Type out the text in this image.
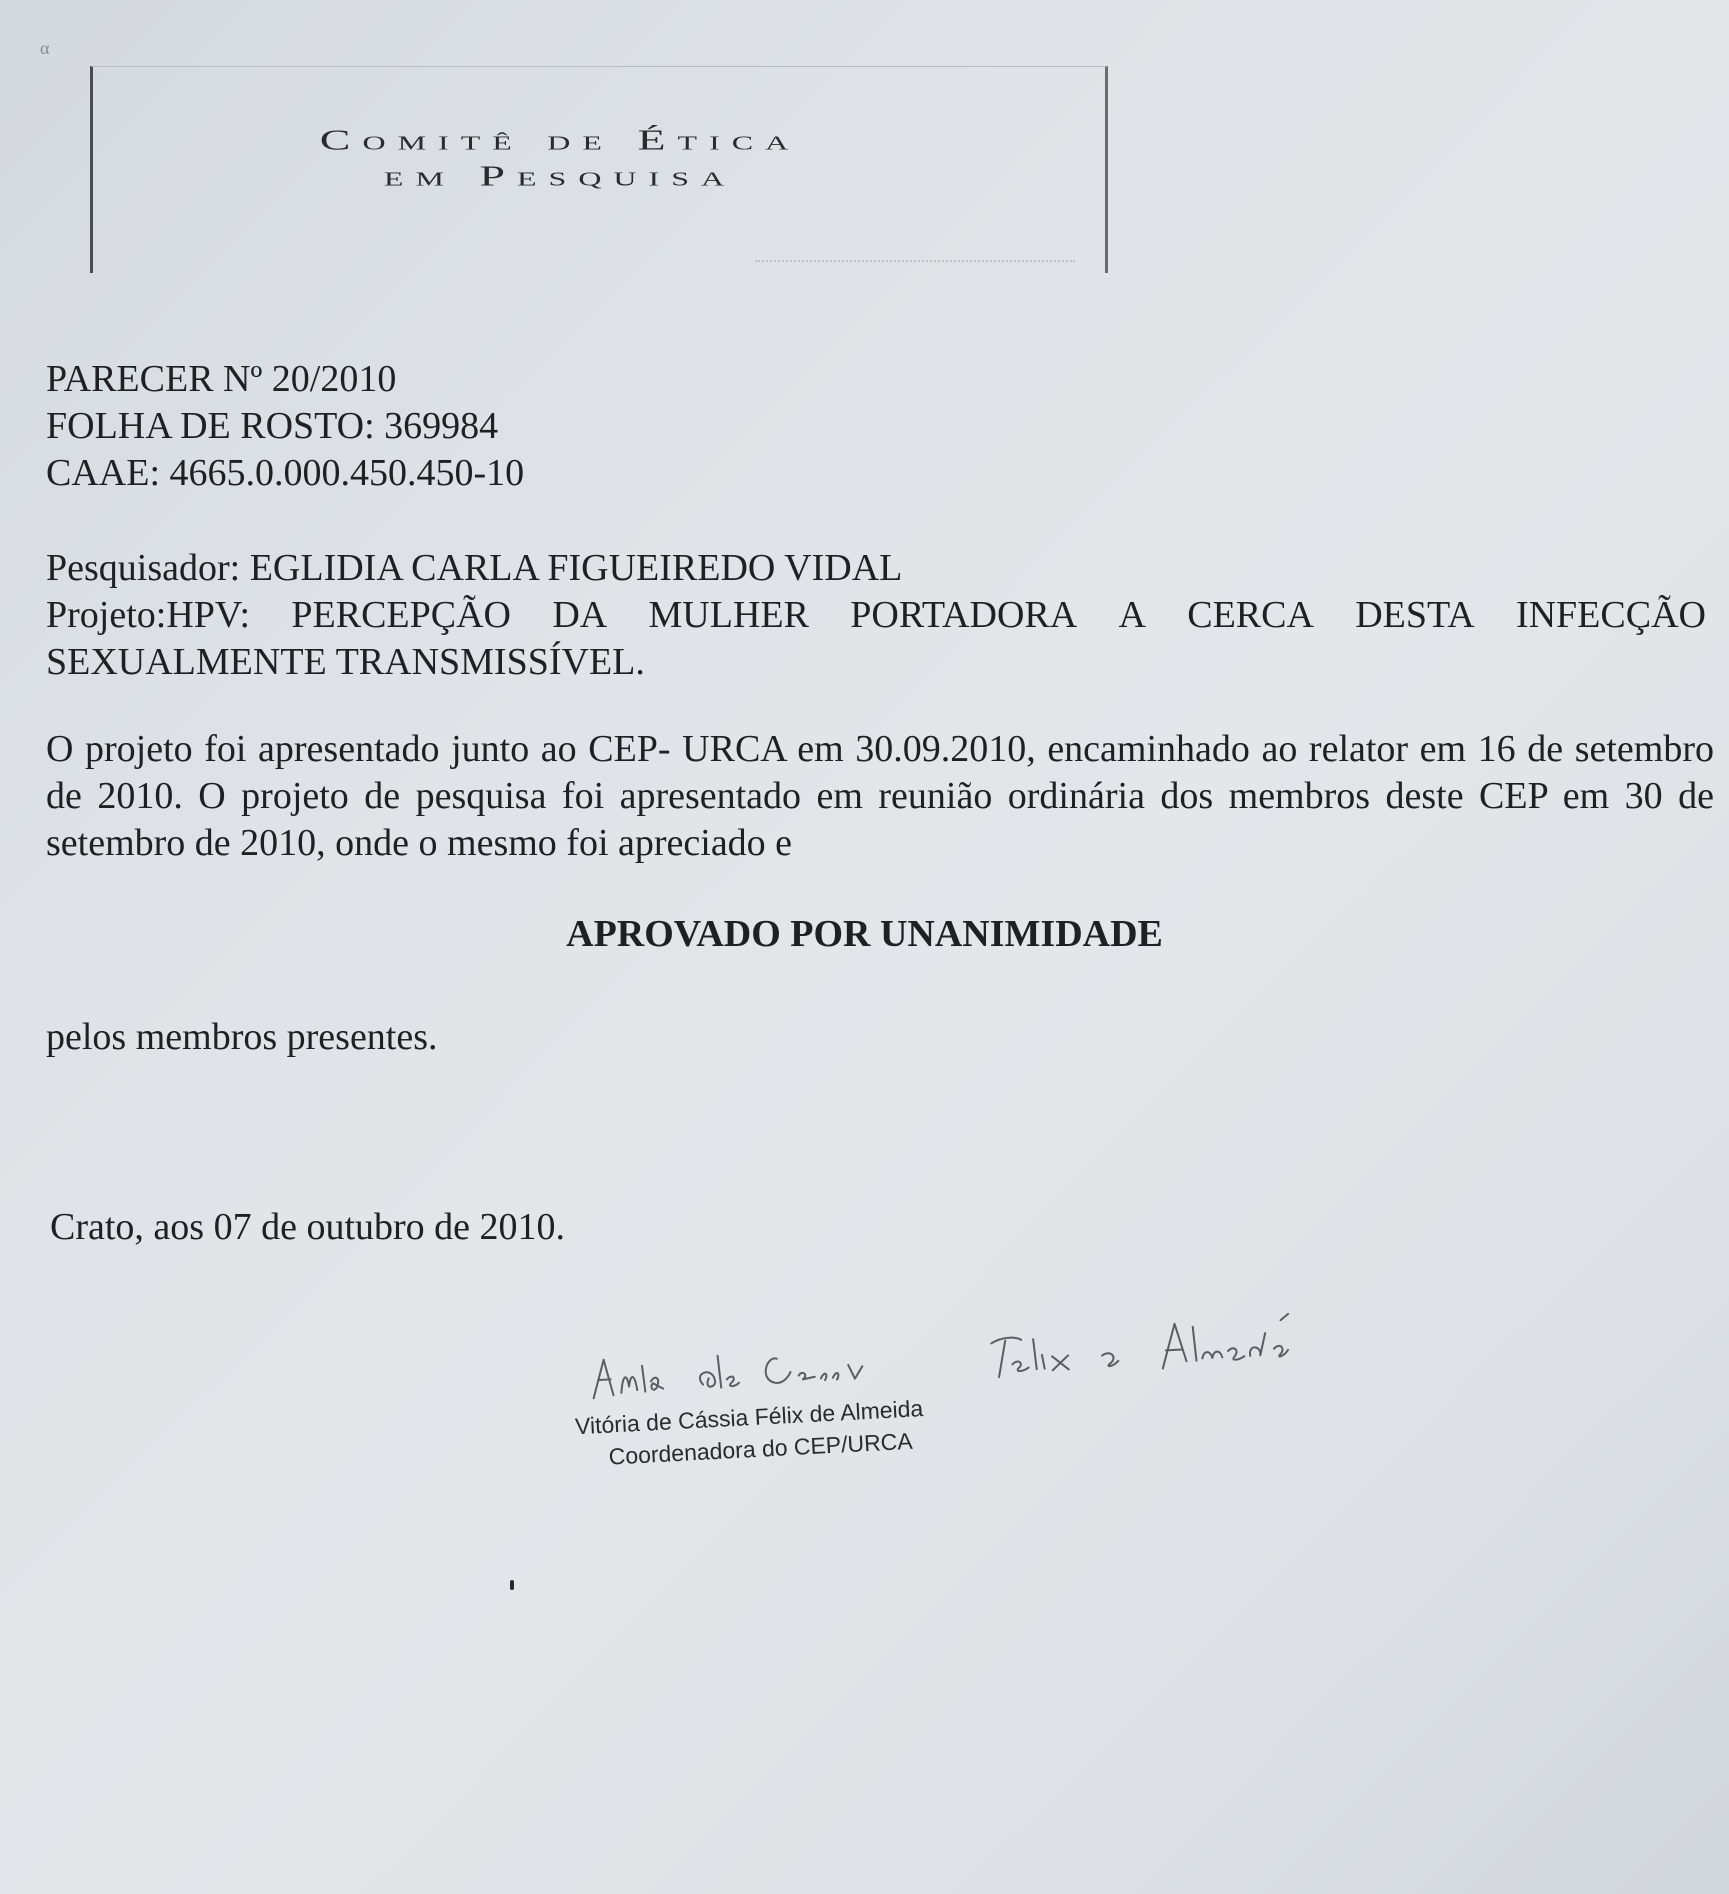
α
Comitê de Ética
em Pesquisa
PARECER Nº 20/2010
FOLHA DE ROSTO: 369984
CAAE: 4665.0.000.450.450-10
Pesquisador: EGLIDIA CARLA FIGUEIREDO VIDAL
Projeto:HPV: PERCEPÇÃO DA MULHER PORTADORA A CERCA DESTA INFECÇÃO
SEXUALMENTE TRANSMISSÍVEL.
O projeto foi apresentado junto ao CEP- URCA em 30.09.2010, encaminhado ao relator em 16 de setembro de 2010. O projeto de pesquisa foi apresentado em reunião ordinária dos membros deste CEP em 30 de setembro de 2010, onde o mesmo foi apreciado e
APROVADO POR UNANIMIDADE
pelos membros presentes.
Crato, aos 07 de outubro de 2010.
Vitória de Cássia Félix de Almeida
Coordenadora do CEP/URCA
